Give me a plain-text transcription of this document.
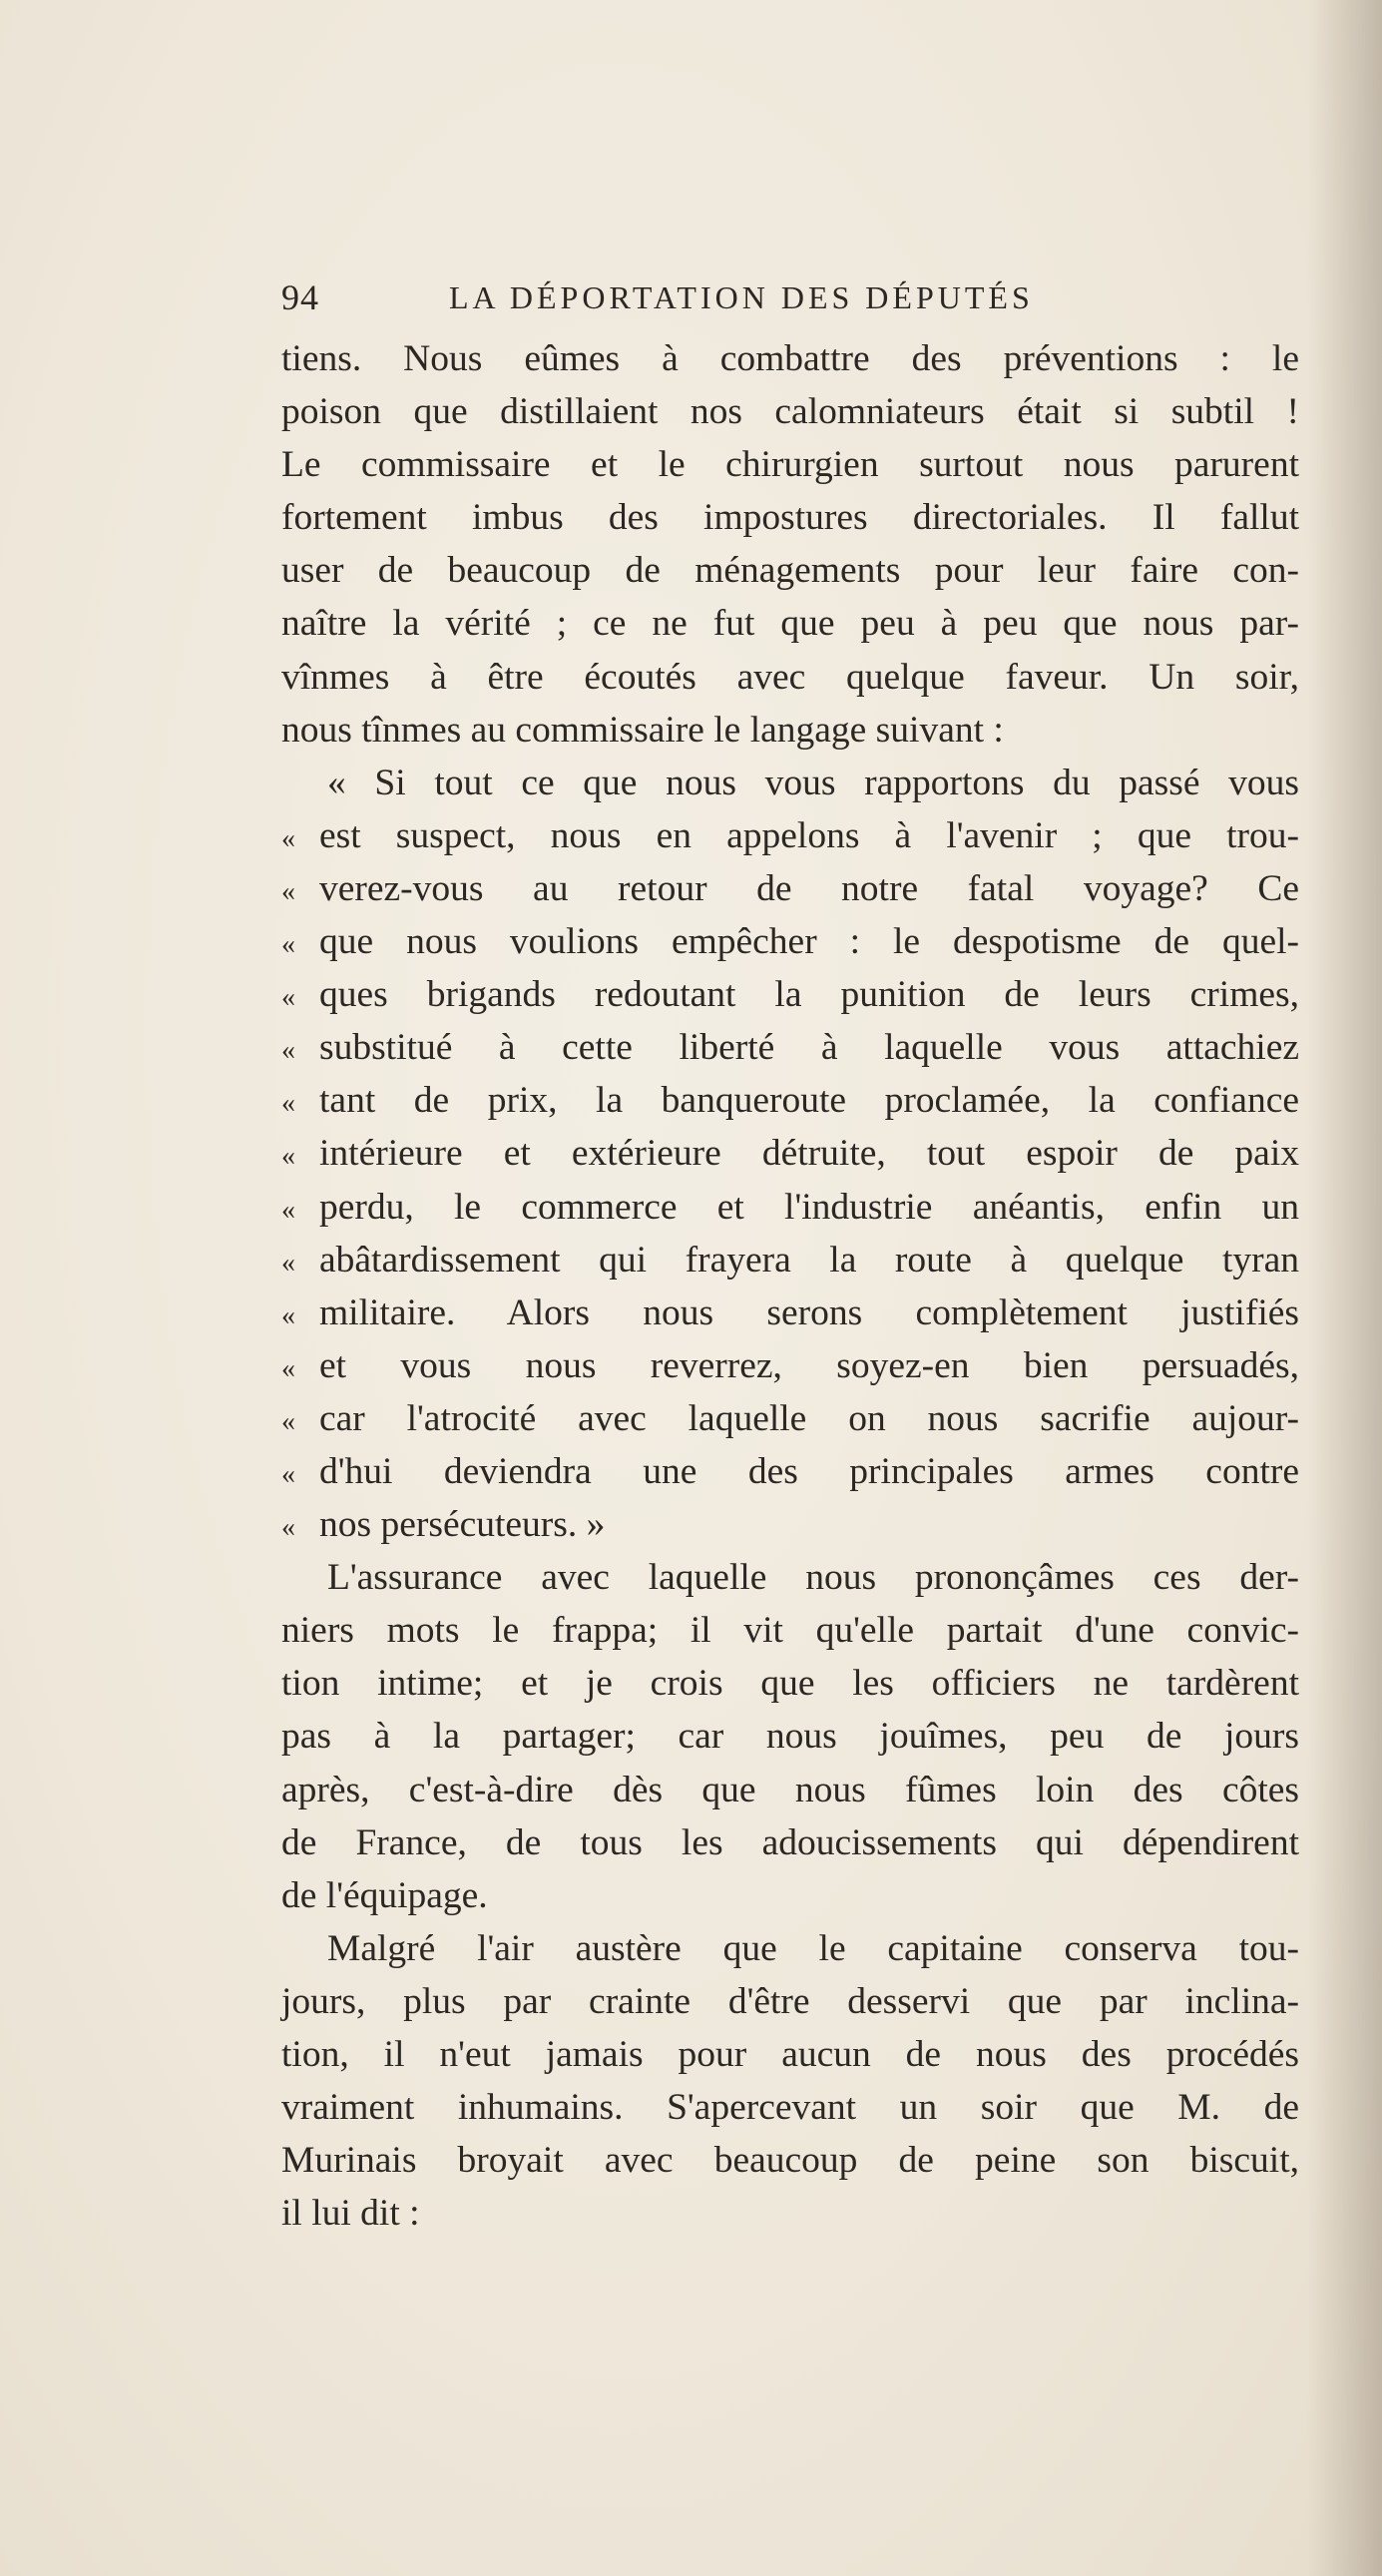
94	LA DÉPORTATION DES DÉPUTÉS
tiens. Nous eûmes à combattre des préventions : le
poison que distillaient nos calomniateurs était si subtil !
Le commissaire et le chirurgien surtout nous parurent
fortement imbus des impostures directoriales. Il fallut
user de beaucoup de ménagements pour leur faire con-
naître la vérité ; ce ne fut que peu à peu que nous par-
vînmes à être écoutés avec quelque faveur. Un soir,
nous tînmes au commissaire le langage suivant :
« Si tout ce que nous vous rapportons du passé vous
« est suspect, nous en appelons à l'avenir ; que trou-
« verez-vous au retour de notre fatal voyage? Ce
« que nous voulions empêcher : le despotisme de quel-
« ques brigands redoutant la punition de leurs crimes,
« substitué à cette liberté à laquelle vous attachiez
« tant de prix, la banqueroute proclamée, la confiance
« intérieure et extérieure détruite, tout espoir de paix
« perdu, le commerce et l'industrie anéantis, enfin un
« abâtardissement qui frayera la route à quelque tyran
« militaire. Alors nous serons complètement justifiés
« et vous nous reverrez, soyez-en bien persuadés,
« car l'atrocité avec laquelle on nous sacrifie aujour-
« d'hui deviendra une des principales armes contre
« nos persécuteurs. »
L'assurance avec laquelle nous prononçâmes ces der-
niers mots le frappa; il vit qu'elle partait d'une convic-
tion intime; et je crois que les officiers ne tardèrent
pas à la partager; car nous jouîmes, peu de jours
après, c'est-à-dire dès que nous fûmes loin des côtes
de France, de tous les adoucissements qui dépendirent
de l'équipage.
Malgré l'air austère que le capitaine conserva tou-
jours, plus par crainte d'être desservi que par inclina-
tion, il n'eut jamais pour aucun de nous des procédés
vraiment inhumains. S'apercevant un soir que M. de
Murinais broyait avec beaucoup de peine son biscuit,
il lui dit :
